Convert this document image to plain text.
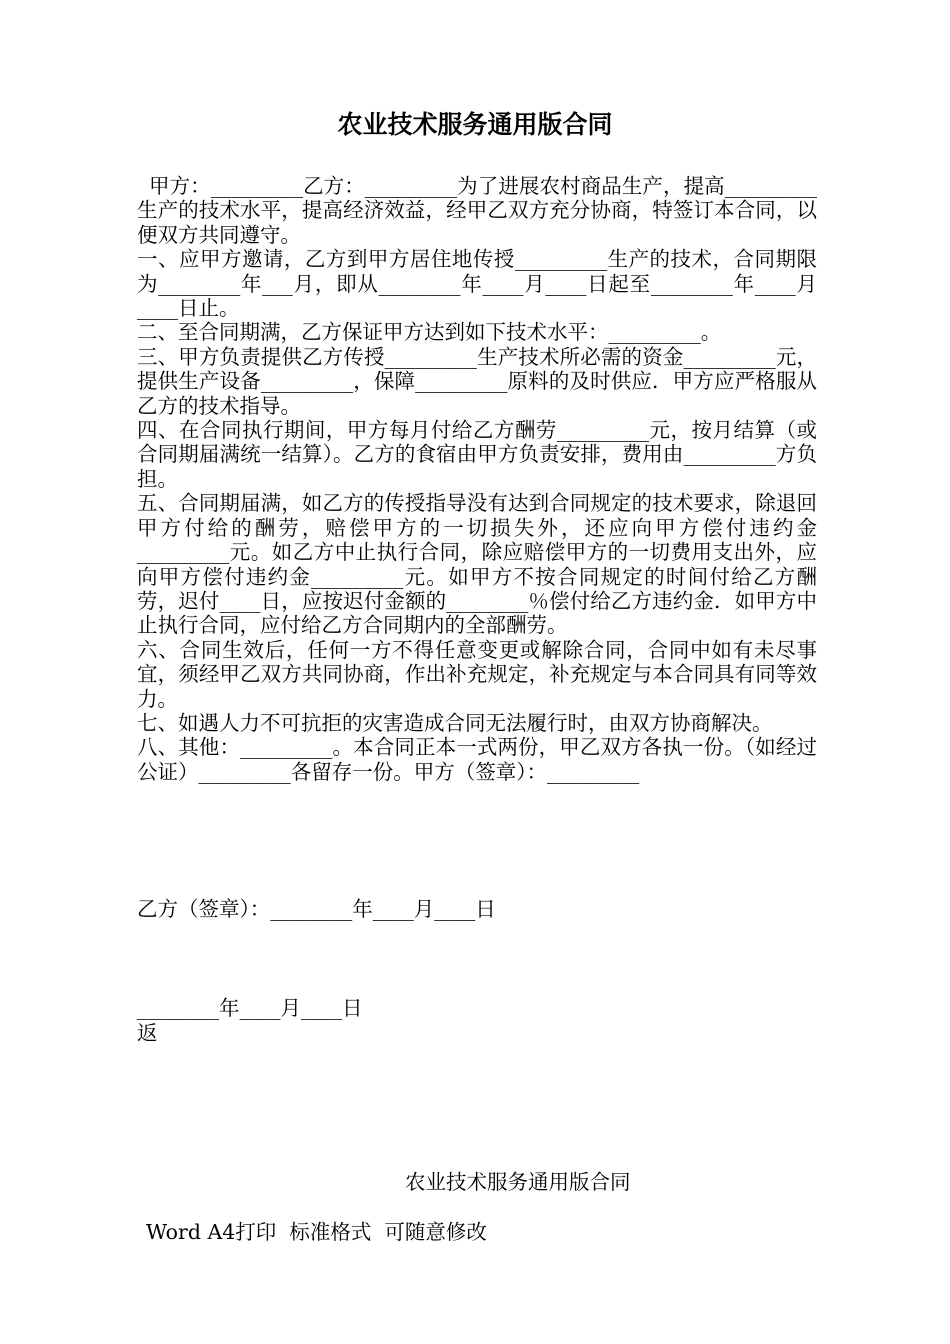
农业技术服务通用版合同

甲方：_________乙方：_________为了进展农村商品生产，提高_________生产的技术水平，提高经济效益，经甲乙双方充分协商，特签订本合同，以便双方共同遵守。

一、应甲方邀请，乙方到甲方居住地传授_________生产的技术，合同期限为________年___月，即从________年____月____日起至________年____月____日止。

二、至合同期满，乙方保证甲方达到如下技术水平：_________。

三、甲方负责提供乙方传授_________生产技术所必需的资金_________元，提供生产设备_________，保障_________原料的及时供应．甲方应严格服从乙方的技术指导。

四、在合同执行期间，甲方每月付给乙方酬劳_________元，按月结算（或合同期届满统一结算）。乙方的食宿由甲方负责安排，费用由_________方负担。

五、合同期届满，如乙方的传授指导没有达到合同规定的技术要求，除退回甲方付给的酬劳，赔偿甲方的一切损失外，还应向甲方偿付违约金_________元。如乙方中止执行合同，除应赔偿甲方的一切费用支出外，应向甲方偿付违约金_________元。如甲方不按合同规定的时间付给乙方酬劳，迟付____日，应按迟付金额的________％偿付给乙方违约金．如甲方中止执行合同，应付给乙方合同期内的全部酬劳。

六、合同生效后，任何一方不得任意变更或解除合同，合同中如有未尽事宜，须经甲乙双方共同协商，作出补充规定，补充规定与本合同具有同等效力。

七、如遇人力不可抗拒的灾害造成合同无法履行时，由双方协商解决。

八、其他：_________。本合同正本一式两份，甲乙双方各执一份。（如经过公证）_________各留存一份。甲方（签章）：_________

乙方（签章）：________年____月____日
________年____月____日
返
农业技术服务通用版合同
Word A4打印  标准格式  可随意修改
